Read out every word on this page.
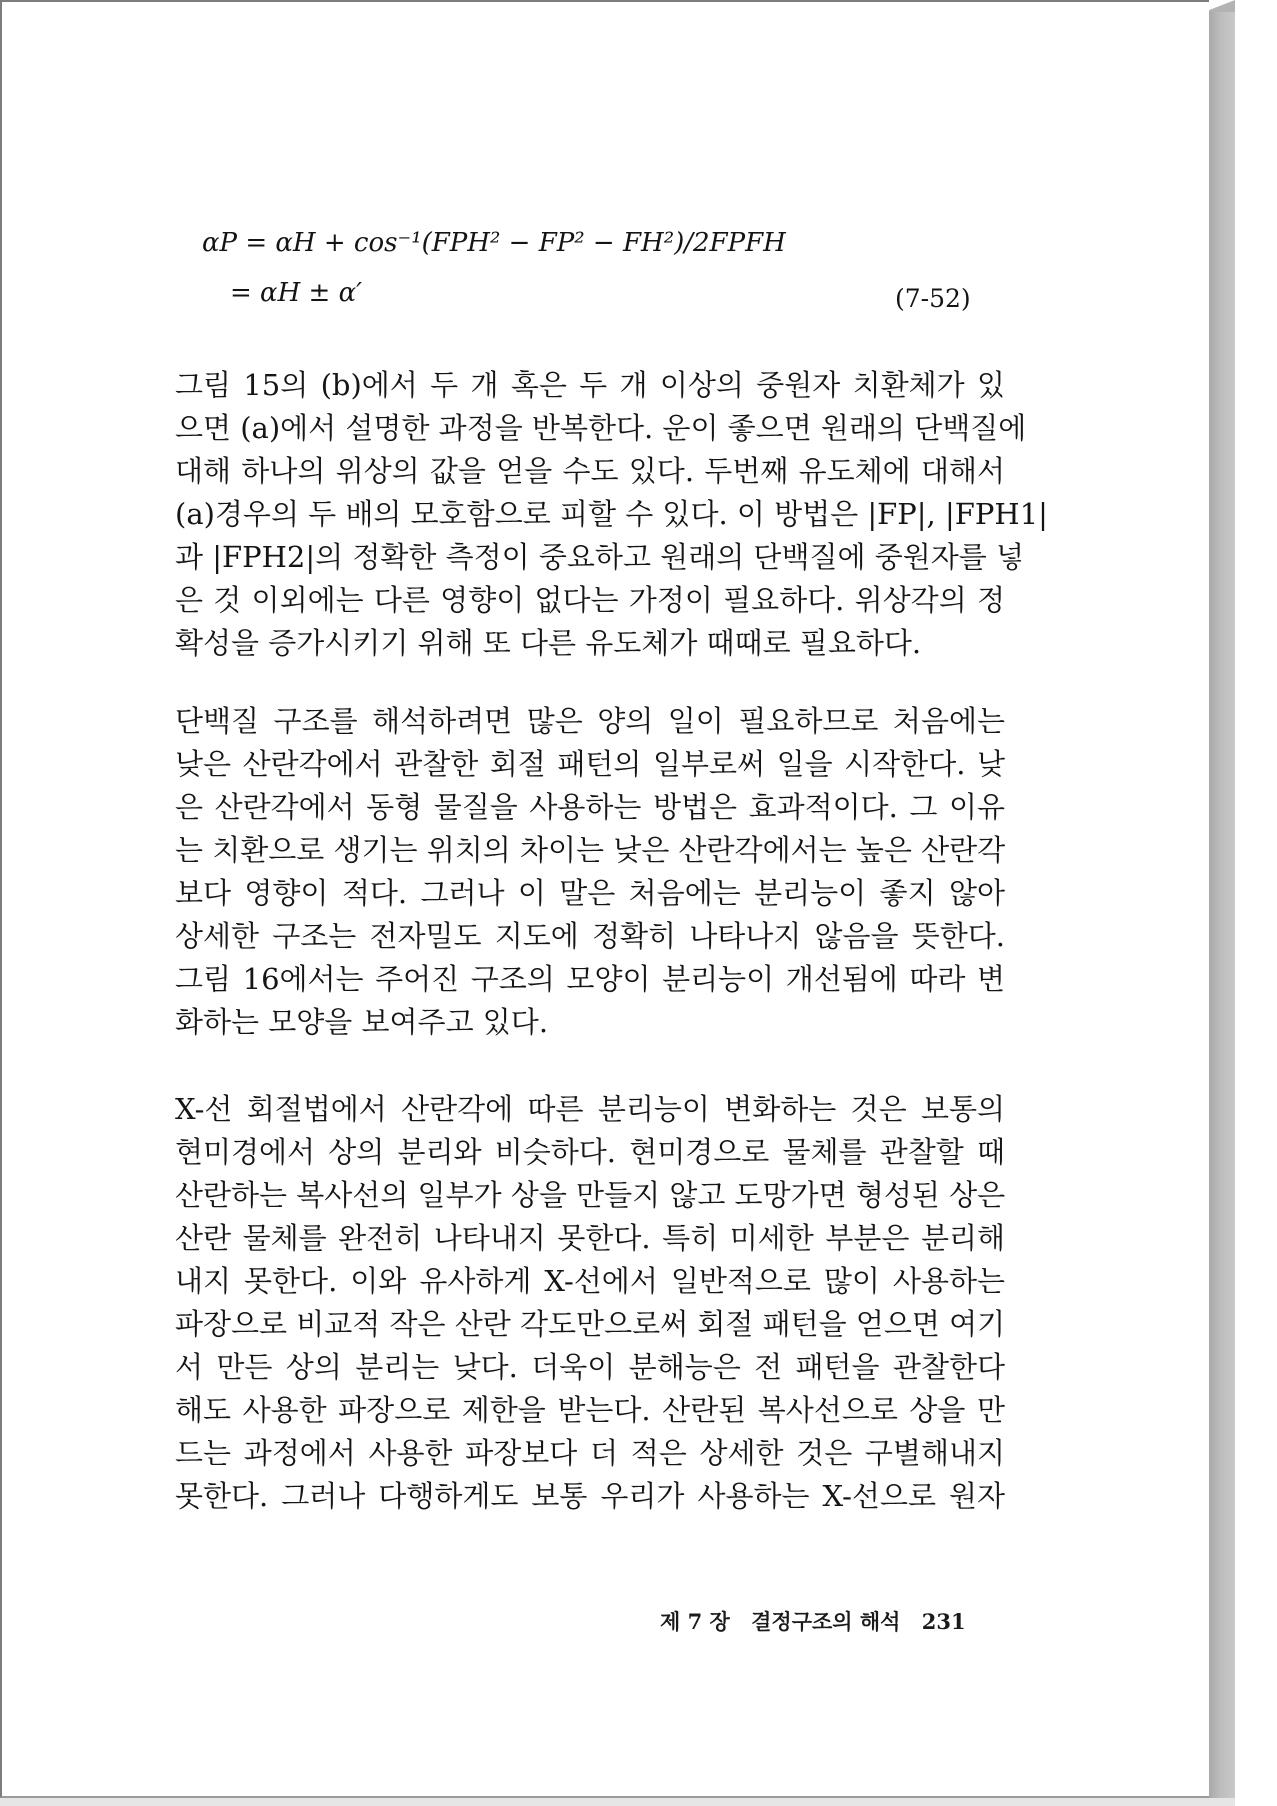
αP = αH + cos⁻¹(FPH² − FP² − FH²)/2FPFH
= αH ± α′	(7-52)
그림 15의 (b)에서 두 개 혹은 두 개 이상의 중원자 치환체가 있
으면 (a)에서 설명한 과정을 반복한다. 운이 좋으면 원래의 단백질에
대해 하나의 위상의 값을 얻을 수도 있다. 두번째 유도체에 대해서
(a)경우의 두 배의 모호함으로 피할 수 있다. 이 방법은 |FP|, |FPH1|
과 |FPH2|의 정확한 측정이 중요하고 원래의 단백질에 중원자를 넣
은 것 이외에는 다른 영향이 없다는 가정이 필요하다. 위상각의 정
확성을 증가시키기 위해 또 다른 유도체가 때때로 필요하다.
단백질 구조를 해석하려면 많은 양의 일이 필요하므로 처음에는
낮은 산란각에서 관찰한 회절 패턴의 일부로써 일을 시작한다. 낮
은 산란각에서 동형 물질을 사용하는 방법은 효과적이다. 그 이유
는 치환으로 생기는 위치의 차이는 낮은 산란각에서는 높은 산란각
보다 영향이 적다. 그러나 이 말은 처음에는 분리능이 좋지 않아
상세한 구조는 전자밀도 지도에 정확히 나타나지 않음을 뜻한다.
그림 16에서는 주어진 구조의 모양이 분리능이 개선됨에 따라 변
화하는 모양을 보여주고 있다.
X-선 회절법에서 산란각에 따른 분리능이 변화하는 것은 보통의
현미경에서 상의 분리와 비슷하다. 현미경으로 물체를 관찰할 때
산란하는 복사선의 일부가 상을 만들지 않고 도망가면 형성된 상은
산란 물체를 완전히 나타내지 못한다. 특히 미세한 부분은 분리해
내지 못한다. 이와 유사하게 X-선에서 일반적으로 많이 사용하는
파장으로 비교적 작은 산란 각도만으로써 회절 패턴을 얻으면 여기
서 만든 상의 분리는 낮다. 더욱이 분해능은 전 패턴을 관찰한다
해도 사용한 파장으로 제한을 받는다. 산란된 복사선으로 상을 만
드는 과정에서 사용한 파장보다 더 적은 상세한 것은 구별해내지
못한다. 그러나 다행하게도 보통 우리가 사용하는 X-선으로 원자
제 7 장 결정구조의 해석 231
